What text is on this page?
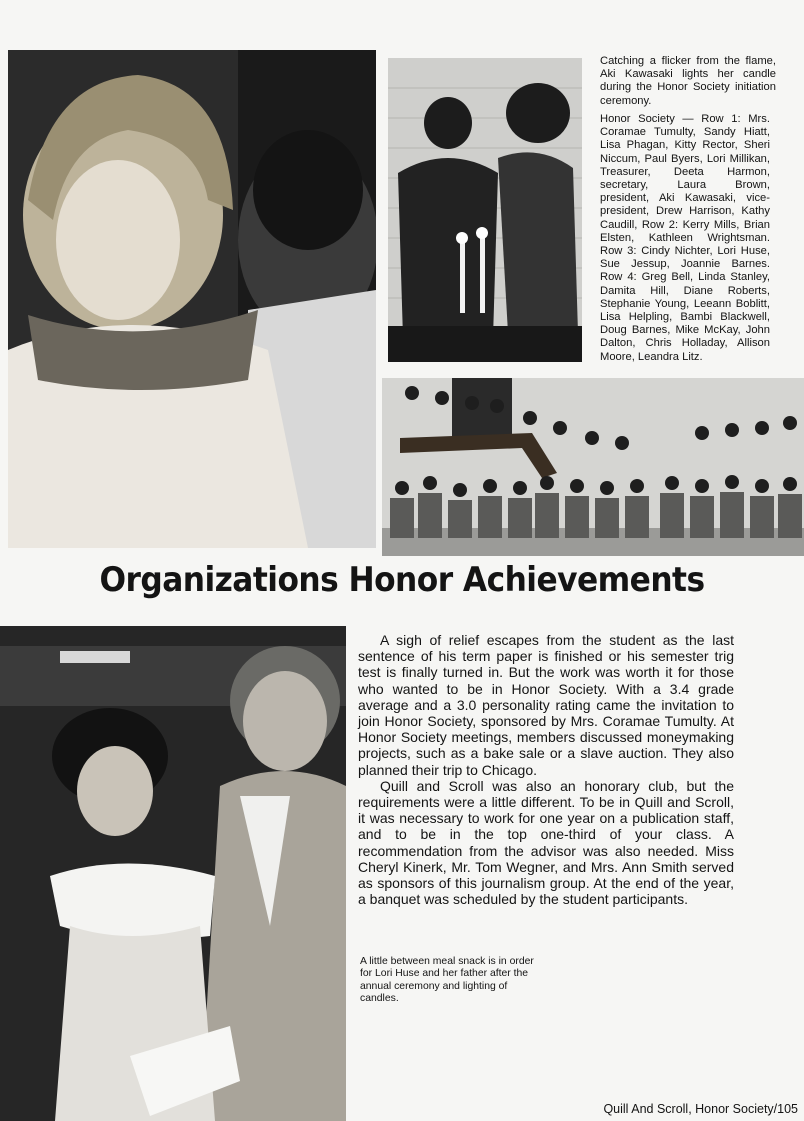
Catching a flicker from the flame, Aki Kawasaki lights her candle during the Honor Society initiation ceremony.

Honor Society — Row 1: Mrs. Coramae Tumulty, Sandy Hiatt, Lisa Phagan, Kitty Rector, Sheri Niccum, Paul Byers, Lori Millikan, Treasurer, Deeta Harmon, secretary, Laura Brown, president, Aki Kawasaki, vice-president, Drew Harrison, Kathy Caudill, Row 2: Kerry Mills, Brian Elsten, Kathleen Wrightsman. Row 3: Cindy Nichter, Lori Huse, Sue Jessup, Joannie Barnes. Row 4: Greg Bell, Linda Stanley, Damita Hill, Diane Roberts, Stephanie Young, Leeann Boblitt, Lisa Helpling, Bambi Blackwell, Doug Barnes, Mike McKay, John Dalton, Chris Holladay, Allison Moore, Leandra Litz.

Organizations Honor Achievements

A sigh of relief escapes from the student as the last sentence of his term paper is finished or his semester trig test is finally turned in. But the work was worth it for those who wanted to be in Honor Society. With a 3.4 grade average and a 3.0 personality rating came the invitation to join Honor Society, sponsored by Mrs. Coramae Tumulty. At Honor Society meetings, members discussed moneymaking projects, such as a bake sale or a slave auction. They also planned their trip to Chicago.

Quill and Scroll was also an honorary club, but the requirements were a little different. To be in Quill and Scroll, it was necessary to work for one year on a publication staff, and to be in the top one-third of your class. A recommendation from the advisor was also needed. Miss Cheryl Kinerk, Mr. Tom Wegner, and Mrs. Ann Smith served as sponsors of this journalism group. At the end of the year, a banquet was scheduled by the student participants.

A little between meal snack is in order for Lori Huse and her father after the annual ceremony and lighting of candles.

Quill And Scroll, Honor Society/105
